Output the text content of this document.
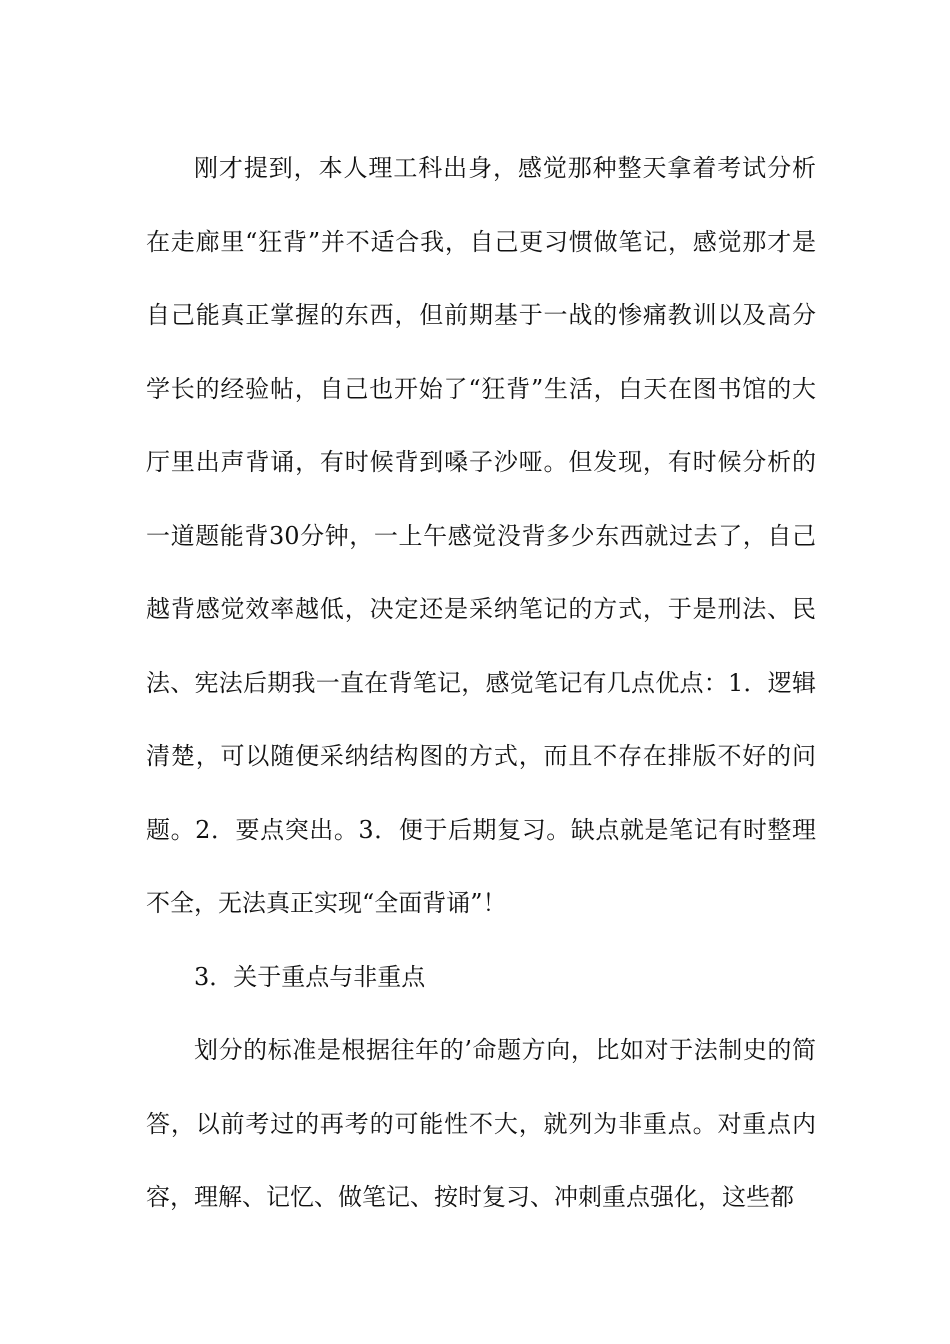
刚才提到，本人理工科出身，感觉那种整天拿着考试分析在走廊里“狂背”并不适合我，自己更习惯做笔记，感觉那才是自己能真正掌握的东西，但前期基于一战的惨痛教训以及高分学长的经验帖，自己也开始了“狂背”生活，白天在图书馆的大厅里出声背诵，有时候背到嗓子沙哑。但发现，有时候分析的一道题能背30分钟，一上午感觉没背多少东西就过去了，自己越背感觉效率越低，决定还是采纳笔记的方式，于是刑法、民法、宪法后期我一直在背笔记，感觉笔记有几点优点：1．逻辑清楚，可以随便采纳结构图的方式，而且不存在排版不好的问题。2．要点突出。3．便于后期复习。缺点就是笔记有时整理不全，无法真正实现“全面背诵”！

3．关于重点与非重点

划分的标准是根据往年的’命题方向，比如对于法制史的简答，以前考过的再考的可能性不大，就列为非重点。对重点内容，理解、记忆、做笔记、按时复习、冲刺重点强化，这些都
